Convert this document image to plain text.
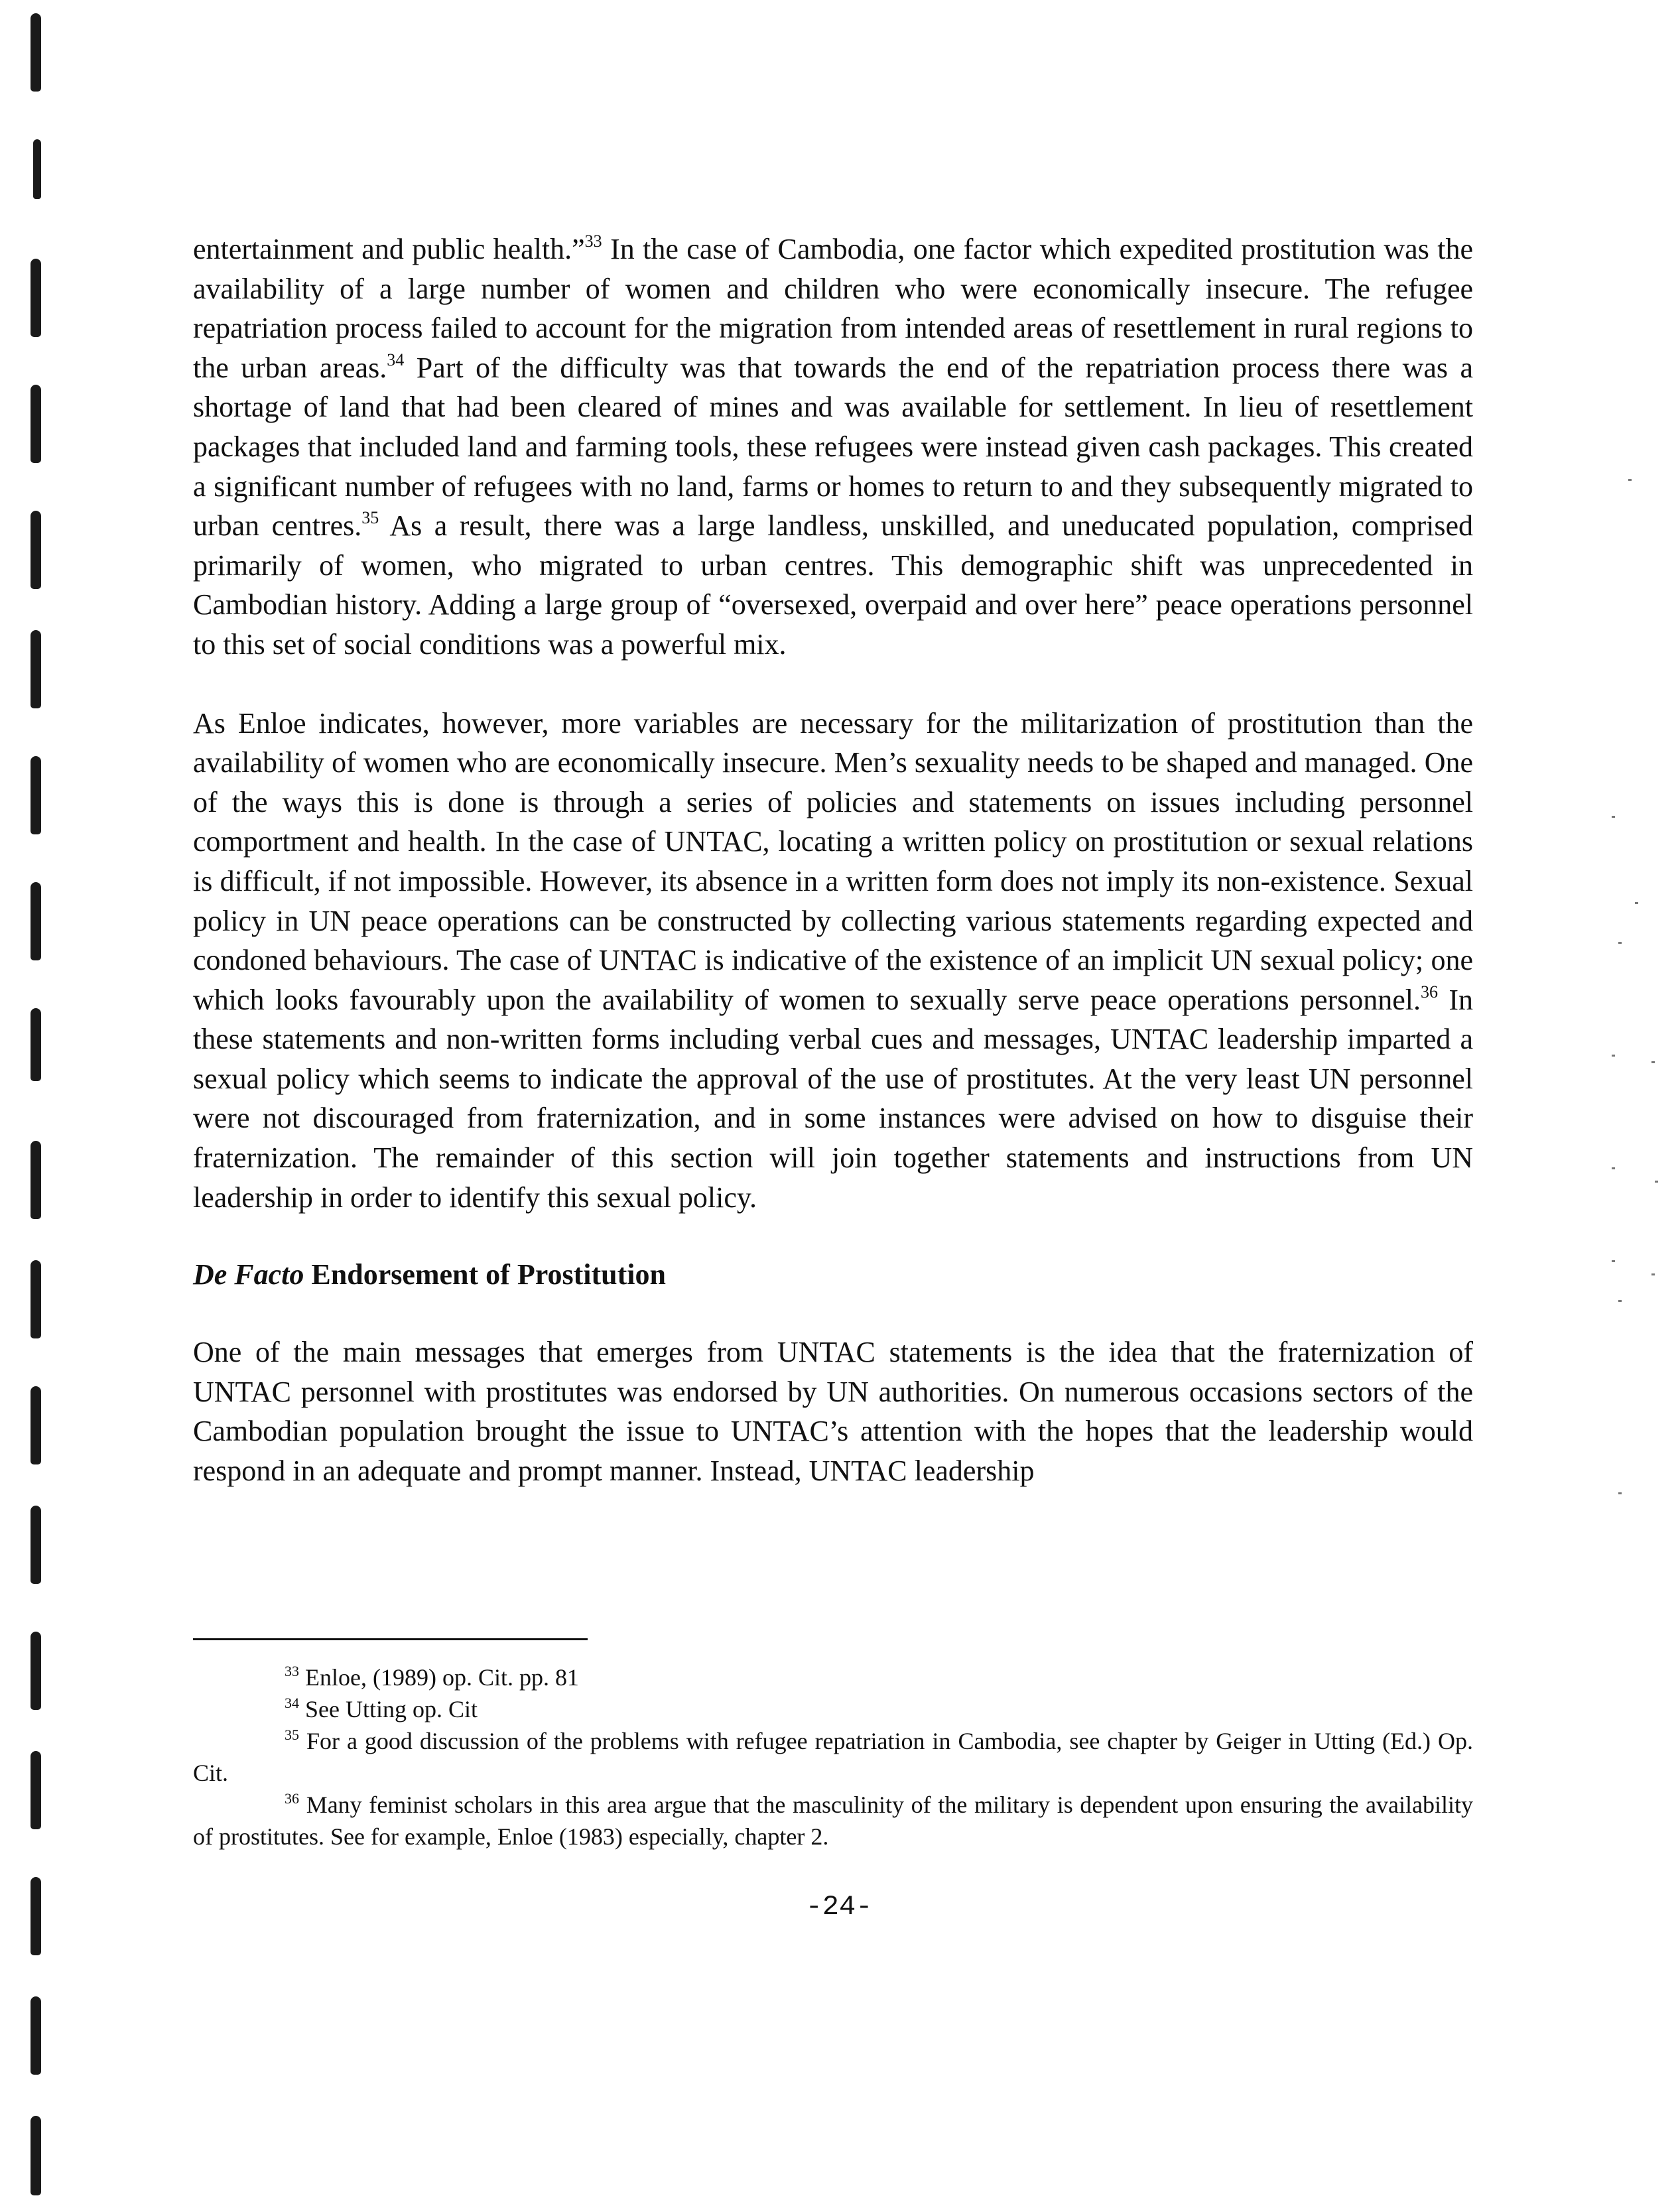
entertainment and public health.”$^{33}$ In the case of Cambodia, one factor which expedited prostitution was the availability of a large number of women and children who were economically insecure. The refugee repatriation process failed to account for the migration from intended areas of resettlement in rural regions to the urban areas.$^{34}$ Part of the difficulty was that towards the end of the repatriation process there was a shortage of land that had been cleared of mines and was available for settlement. In lieu of resettlement packages that included land and farming tools, these refugees were instead given cash packages. This created a significant number of refugees with no land, farms or homes to return to and they subsequently migrated to urban centres.$^{35}$ As a result, there was a large landless, unskilled, and uneducated population, comprised primarily of women, who migrated to urban centres. This demographic shift was unprecedented in Cambodian history. Adding a large group of “oversexed, overpaid and over here” peace operations personnel to this set of social conditions was a powerful mix.

As Enloe indicates, however, more variables are necessary for the militarization of prostitution than the availability of women who are economically insecure. Men’s sexuality needs to be shaped and managed. One of the ways this is done is through a series of policies and statements on issues including personnel comportment and health. In the case of UNTAC, locating a written policy on prostitution or sexual relations is difficult, if not impossible. However, its absence in a written form does not imply its non-existence. Sexual policy in UN peace operations can be constructed by collecting various statements regarding expected and condoned behaviours. The case of UNTAC is indicative of the existence of an implicit UN sexual policy; one which looks favourably upon the availability of women to sexually serve peace operations personnel.$^{36}$ In these statements and non-written forms including verbal cues and messages, UNTAC leadership imparted a sexual policy which seems to indicate the approval of the use of prostitutes. At the very least UN personnel were not discouraged from fraternization, and in some instances were advised on how to disguise their fraternization. The remainder of this section will join together statements and instructions from UN leadership in order to identify this sexual policy.

De Facto Endorsement of Prostitution

One of the main messages that emerges from UNTAC statements is the idea that the fraternization of UNTAC personnel with prostitutes was endorsed by UN authorities. On numerous occasions sectors of the Cambodian population brought the issue to UNTAC’s attention with the hopes that the leadership would respond in an adequate and prompt manner. Instead, UNTAC leadership

$^{33}$ Enloe, (1989) op. Cit. pp. 81

$^{34}$ See Utting op. Cit

$^{35}$ For a good discussion of the problems with refugee repatriation in Cambodia, see chapter by Geiger in Utting (Ed.) Op. Cit.

$^{36}$ Many feminist scholars in this area argue that the masculinity of the military is dependent upon ensuring the availability of prostitutes. See for example, Enloe (1983) especially, chapter 2.

-24-
